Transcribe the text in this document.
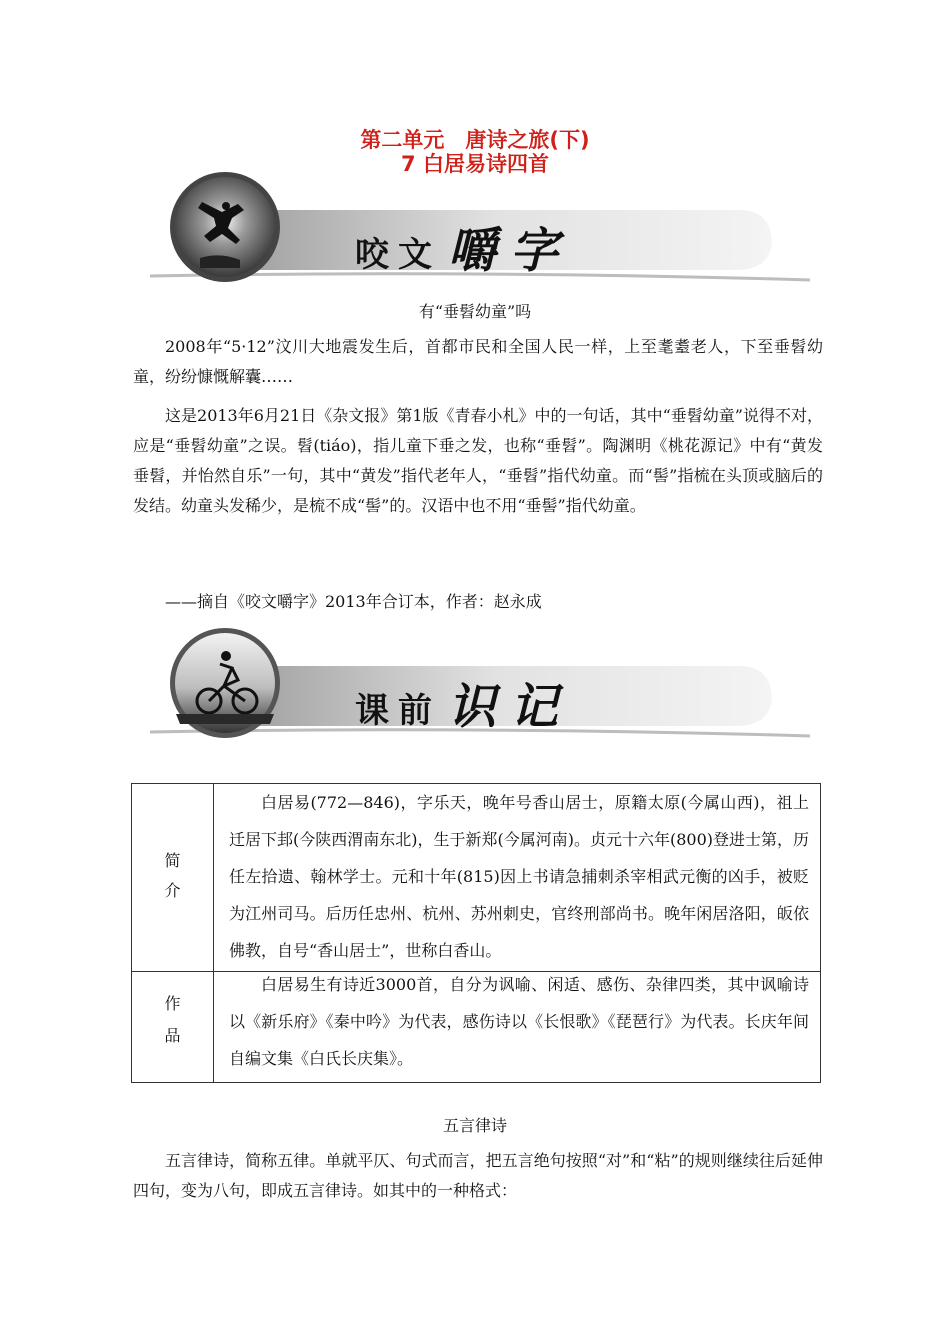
第二单元　唐诗之旅(下)
7 白居易诗四首
咬 文 嚼 字
有“垂髫幼童”吗
2008年“5·12”汶川大地震发生后，首都市民和全国人民一样，上至耄耋老人，下至垂髫幼童，纷纷慷慨解囊……
这是2013年6月21日《杂文报》第1版《青春小札》中的一句话，其中“垂髫幼童”说得不对，应是“垂髫幼童”之误。髫(tiáo)，指儿童下垂之发，也称“垂髫”。陶渊明《桃花源记》中有“黄发垂髫，并怡然自乐”一句，其中“黄发”指代老年人，“垂髫”指代幼童。而“髻”指梳在头顶或脑后的发结。幼童头发稀少，是梳不成“髻”的。汉语中也不用“垂髻”指代幼童。
——摘自《咬文嚼字》2013年合订本，作者：赵永成
课 前 识 记
简
介
白居易(772—846)，字乐天，晚年号香山居士，原籍太原(今属山西)，祖上迁居下邽(今陕西渭南东北)，生于新郑(今属河南)。贞元十六年(800)登进士第，历任左拾遗、翰林学士。元和十年(815)因上书请急捕刺杀宰相武元衡的凶手，被贬为江州司马。后历任忠州、杭州、苏州刺史，官终刑部尚书。晚年闲居洛阳，皈依佛教，自号“香山居士”，世称白香山。
作
品
白居易生有诗近3000首，自分为讽喻、闲适、感伤、杂律四类，其中讽喻诗以《新乐府》《秦中吟》为代表，感伤诗以《长恨歌》《琵琶行》为代表。长庆年间自编文集《白氏长庆集》。
五言律诗
五言律诗，简称五律。单就平仄、句式而言，把五言绝句按照“对”和“粘”的规则继续往后延伸四句，变为八句，即成五言律诗。如其中的一种格式：
